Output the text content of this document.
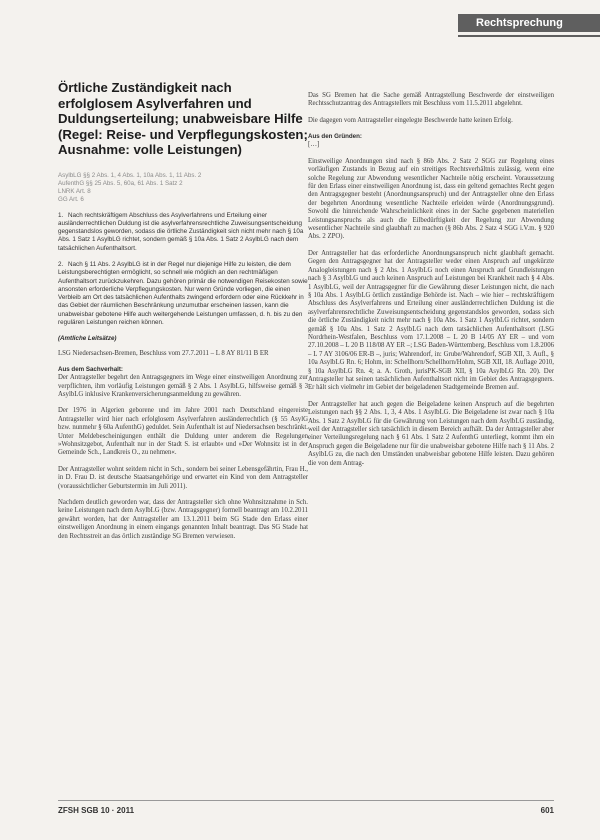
Rechtsprechung
Örtliche Zuständigkeit nach erfolglosem Asylverfahren und Duldungserteilung; unabweisbare Hilfe (Regel: Reise- und Verpflegungskosten; Ausnahme: volle Leistungen)
AsylbLG §§ 2 Abs. 1, 4 Abs. 1, 10a Abs. 1, 11 Abs. 2
AufenthG §§ 25 Abs. 5, 60a, 61 Abs. 1 Satz 2
LNRK Art. 8
GG Art. 6
1. Nach rechtskräftigem Abschluss des Asylverfahrens und Erteilung einer ausländerrechtlichen Duldung ist die asylverfahrensrechtliche Zuweisungsentscheidung gegenstandslos geworden, sodass die örtliche Zuständigkeit sich nicht mehr nach § 10a Abs. 1 Satz 1 AsylbLG richtet, sondern gemäß § 10a Abs. 1 Satz 2 AsylbLG nach dem tatsächlichen Aufenthaltsort.
2. Nach § 11 Abs. 2 AsylbLG ist in der Regel nur diejenige Hilfe zu leisten, die dem Leistungsberechtigten ermöglicht, so schnell wie möglich an den rechtmäßigen Aufenthaltsort zurückzukehren. Dazu gehören primär die notwendigen Reisekosten sowie ansonsten erforderliche Verpflegungskosten. Nur wenn Gründe vorliegen, die einen Verbleib am Ort des tatsächlichen Aufenthalts zwingend erfordern oder eine Rückkehr in das Gebiet der räumlichen Beschränkung unzumutbar erscheinen lassen, kann die unabweisbar gebotene Hilfe auch weitergehende Leistungen umfassen, d. h. bis zu den regulären Leistungen reichen können.
(Amtliche Leitsätze)
LSG Niedersachsen-Bremen, Beschluss vom 27.7.2011 – L 8 AY 81/11 B ER
Aus dem Sachverhalt:

Der Antragsteller begehrt den Antragsgegners im Wege einer einstweiligen Anordnung zur verpflichten, ihm vorläufig Leistungen gemäß § 2 Abs. 1 AsylbLG, hilfsweise gemäß § 3 AsylbLG inklusive Krankenversicherungsanmeldung zu gewähren.

Der 1976 in Algerien geborene und im Jahre 2001 nach Deutschland eingereiste Antragsteller wird hier nach erfolglosem Asylverfahren ausländerrechtlich (§ 55 AsylG bzw. nunmehr § 60a AufenthG) geduldet. Sein Aufenthalt ist auf Niedersachsen beschränkt. Unter Meldebescheinigungen enthält die Duldung unter anderem die Regelungen »Wohnsitzgebot, Aufenthalt nur in der Stadt S. ist erlaubt« und »Der Wohnsitz ist in der Gemeinde Sch., Landkreis O., zu nehmen«.

Der Antragsteller wohnt seitdem nicht in Sch., sondern bei seiner Lebensgefährtin, Frau H., in D. Frau D. ist deutsche Staatsangehörige und erwartet ein Kind von dem Antragsteller (voraussichtlicher Geburtstermin im Juli 2011).

Nachdem deutlich geworden war, dass der Antragsteller sich ohne Wohnsitznahme in Sch. keine Leistungen nach dem AsylbLG (bzw. Antragsgegner) formell beantragt am 10.2.2011 gewährt worden, hat der Antragsteller am 13.1.2011 beim SG Stade den Erlass einer einstweiligen Anordnung in einem eingangs genannten Inhalt beantragt. Das SG Stade hat den Rechtsstreit an das örtlich zuständige SG Bremen verwiesen.

Das SG Bremen hat die Sache gemäß Antragstellung Beschwerde der einstweiligen Rechtsschutzantrag des Antragstellers mit Beschluss vom 11.5.2011 abgelehnt.

Die dagegen vom Antragsteller eingelegte Beschwerde hatte keinen Erfolg.

Aus den Gründen:

[…]

Einstweilige Anordnungen sind nach § 86b Abs. 2 Satz 2 SGG zur Regelung eines vorläufigen Zustands in Bezug auf ein streitiges Rechtsverhältnis zulässig, wenn eine solche Regelung zur Abwendung wesentlicher Nachteile nötig erscheint. Voraussetzung für den Erlass einer einstweiligen Anordnung ist, dass ein geltend gemachtes Recht gegen den Antragsgegner besteht (Anordnungsanspruch) und der Antragsteller ohne den Erlass der begehrten Anordnung wesentliche Nachteile erleiden würde (Anordnungsgrund). Sowohl die hinreichende Wahrscheinlichkeit eines in der Sache gegebenen materiellen Leistungsanspruchs als auch die Eilbedürftigkeit der Regelung zur Abwendung wesentlicher Nachteile sind glaubhaft zu machen (§ 86b Abs. 2 Satz 4 SGG i.V.m. § 920 Abs. 2 ZPO).

Der Antragsteller hat das erforderliche Anordnungsanspruch nicht glaubhaft gemacht. Gegen den Antragsgegner hat der Antragsteller weder einen Anspruch auf ungekürzte Analogleistungen nach § 2 Abs. 1 AsylbLG noch einen Anspruch auf Grundleistungen nach § 3 AsylbLG und auch keinen Anspruch auf Leistungen bei Krankheit nach § 4 Abs. 1 AsylbLG, weil der Antragsgegner für die Gewährung dieser Leistungen nicht, die nach § 10a Abs. 1 AsylbLG örtlich zuständige Behörde ist. Nach – wie hier – rechtskräftigem Abschluss des Asylverfahrens und Erteilung einer ausländerrechtlichen Duldung ist die asylverfahrensrechtliche Zuweisungsentscheidung gegenstandslos geworden, sodass sich die örtliche Zuständigkeit nicht mehr nach § 10a Abs. 1 Satz 1 AsylbLG richtet, sondern gemäß § 10a Abs. 1 Satz 2 AsylbLG nach dem tatsächlichen Aufenthaltsort (LSG Nordrhein-Westfalen, Beschluss vom 17.1.2008 – L 20 B 14/05 AY ER – und vom 27.10.2008 – L 20 B 118/08 AY ER –; LSG Baden-Württemberg, Beschluss vom 1.8.2006 – L 7 AY 3106/06 ER-B –, juris; Wahrendorf, in: Grube/Wahrendorf, SGB XII, 3. Aufl., § 10a AsylbLG Rn. 6; Hohm, in: Schellhorn/Schellhorn/Hohm, SGB XII, 18. Auflage 2010, § 10a AsylbLG Rn. 4; a. A. Groth, jurisPK-SGB XII, § 10a AsylbLG Rn. 20). Der Antragsteller hat seinen tatsächlichen Aufenthaltsort nicht im Gebiet des Antragsgegners. Er hält sich vielmehr im Gebiet der beigeladenen Stadtgemeinde Bremen auf.

Der Antragsteller hat auch gegen die Beigeladene keinen Anspruch auf die begehrten Leistungen nach §§ 2 Abs. 1, 3, 4 Abs. 1 AsylbLG. Die Beigeladene ist zwar nach § 10a Abs. 1 Satz 2 AsylbLG für die Gewährung von Leistungen nach dem AsylbLG zuständig, weil der Antragsteller sich tatsächlich in diesem Bereich aufhält. Da der Antragsteller aber einer Verteilungsregelung nach § 61 Abs. 1 Satz 2 AufenthG unterliegt, kommt ihm ein Anspruch gegen die Beigeladene nur für die unabweisbar gebotene Hilfe nach § 11 Abs. 2 AsylbLG zu, die nach den Umständen unabweisbar gebotene Hilfe leisten. Dazu gehören die von dem Antrag-

ZFSH SGB 10 · 2011	601
